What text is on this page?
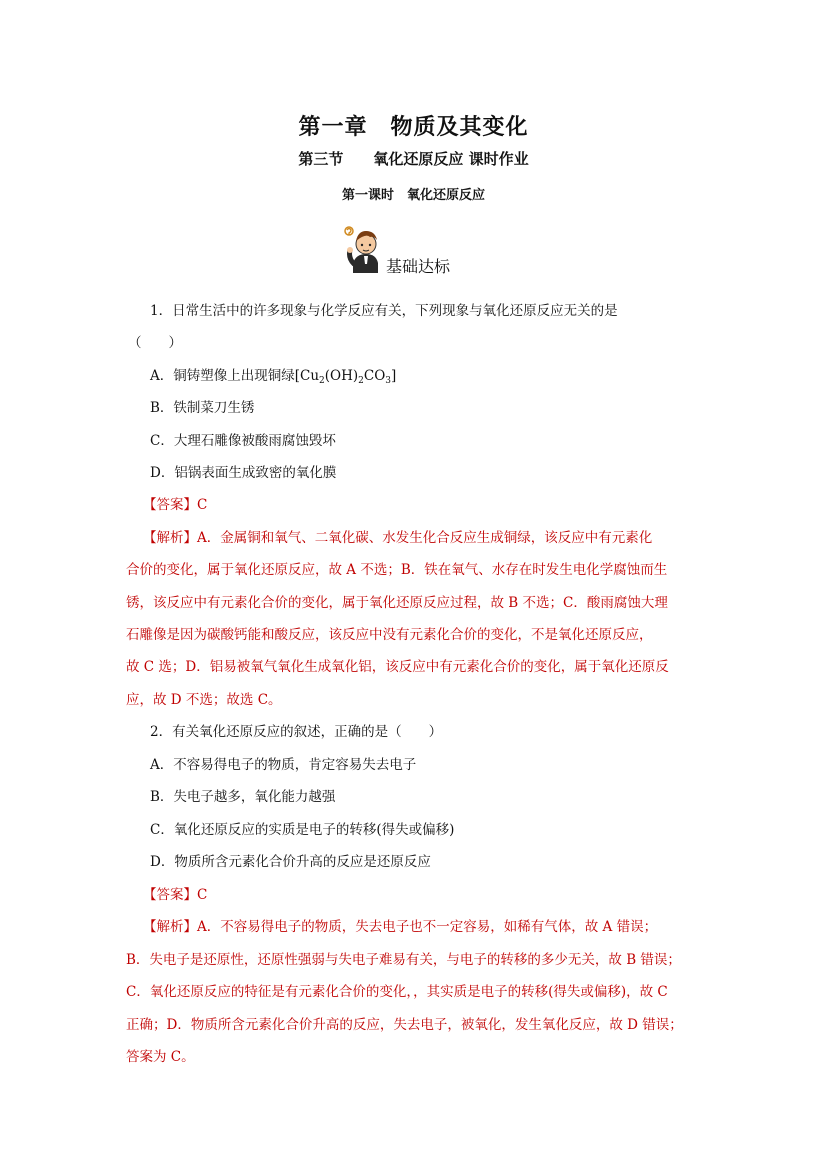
第一章　物质及其变化
第三节　　氧化还原反应 课时作业
第一课时　氧化还原反应
基础达标
1．日常生活中的许多现象与化学反应有关，下列现象与氧化还原反应无关的是
（　　）
A．铜铸塑像上出现铜绿$[Cu_2(OH)_2CO_3]$
B．铁制菜刀生锈
C．大理石雕像被酸雨腐蚀毁坏
D．铝锅表面生成致密的氧化膜
【答案】C
【解析】A．金属铜和氧气、二氧化碳、水发生化合反应生成铜绿，该反应中有元素化
合价的变化，属于氧化还原反应，故 A 不选；B．铁在氧气、水存在时发生电化学腐蚀而生
锈，该反应中有元素化合价的变化，属于氧化还原反应过程，故 B 不选；C．酸雨腐蚀大理
石雕像是因为碳酸钙能和酸反应，该反应中没有元素化合价的变化，不是氧化还原反应，
故 C 选；D．铝易被氧气氧化生成氧化铝，该反应中有元素化合价的变化，属于氧化还原反
应，故 D 不选；故选 C。
2．有关氧化还原反应的叙述，正确的是（　　）
A．不容易得电子的物质，肯定容易失去电子
B．失电子越多，氧化能力越强
C．氧化还原反应的实质是电子的转移(得失或偏移)
D．物质所含元素化合价升高的反应是还原反应
【答案】C
【解析】A．不容易得电子的物质，失去电子也不一定容易，如稀有气体，故 A 错误；
B．失电子是还原性，还原性强弱与失电子难易有关，与电子的转移的多少无关，故 B 错误；
C．氧化还原反应的特征是有元素化合价的变化，，其实质是电子的转移(得失或偏移)，故 C
正确；D．物质所含元素化合价升高的反应，失去电子，被氧化，发生氧化反应，故 D 错误；
答案为 C。
